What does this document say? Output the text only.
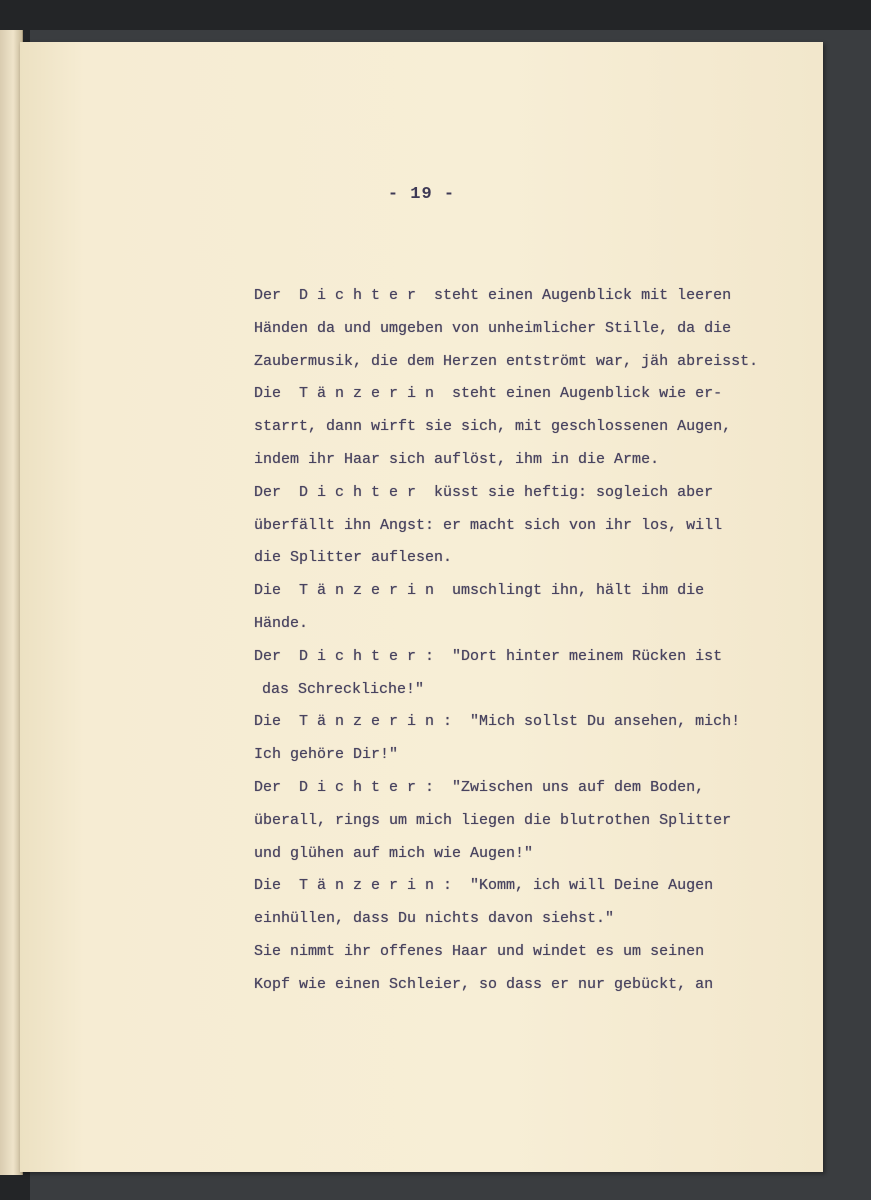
- 19 -
Der  D i c h t e r  steht einen Augenblick mit leeren
Händen da und umgeben von unheimlicher Stille, da die
Zaubermusik, die dem Herzen entströmt war, jäh abreisst.
Die  T ä n z e r i n  steht einen Augenblick wie er-
starrt, dann wirft sie sich, mit geschlossenen Augen,
indem ihr Haar sich auflöst, ihm in die Arme.
Der  D i c h t e r  küsst sie heftig: sogleich aber
überfällt ihn Angst: er macht sich von ihr los, will
die Splitter auflesen.
Die  T ä n z e r i n  umschlingt ihn, hält ihm die
Hände.
Der  D i c h t e r :  "Dort hinter meinem Rücken ist
das Schreckliche!"
Die  T ä n z e r i n :  "Mich sollst Du ansehen, mich!
Ich gehöre Dir!"
Der  D i c h t e r :  "Zwischen uns auf dem Boden,
überall, rings um mich liegen die blutrothen Splitter
und glühen auf mich wie Augen!"
Die  T ä n z e r i n :  "Komm, ich will Deine Augen
einhüllen, dass Du nichts davon siehst."
Sie nimmt ihr offenes Haar und windet es um seinen
Kopf wie einen Schleier, so dass er nur gebückt, an
